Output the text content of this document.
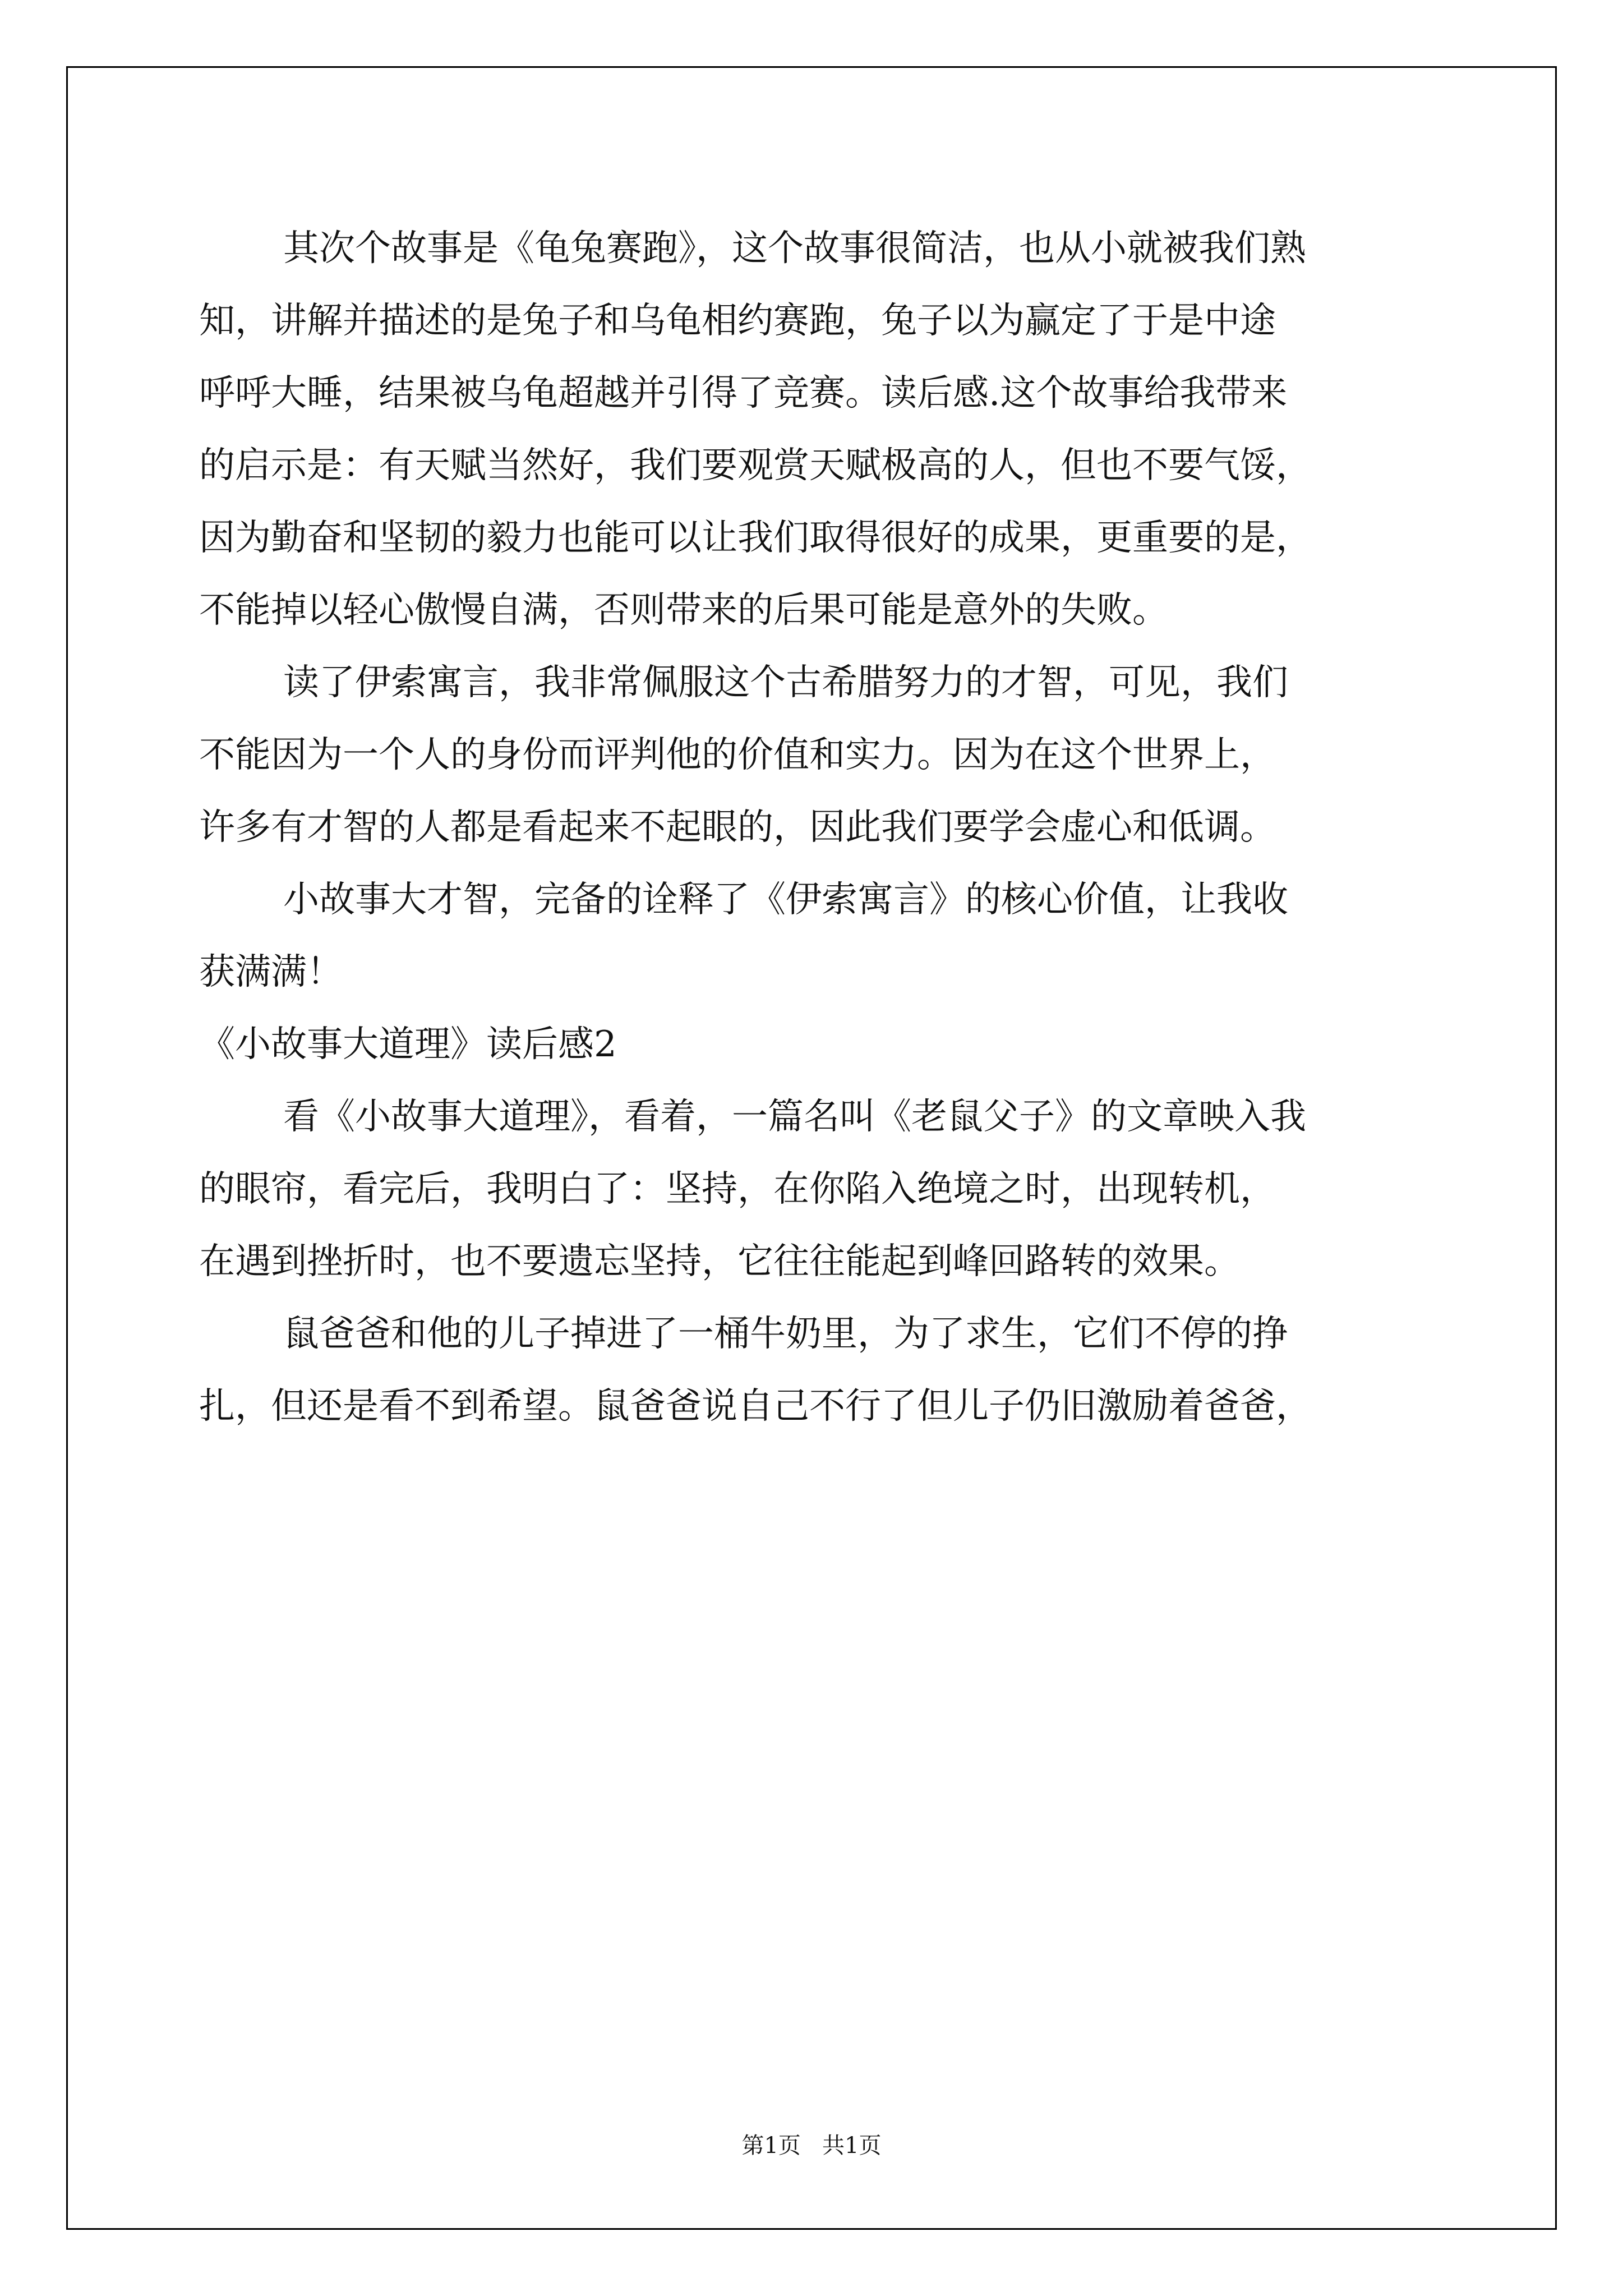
其次个故事是《龟兔赛跑》，这个故事很简洁，也从小就被我们熟
知，讲解并描述的是兔子和乌龟相约赛跑，兔子以为赢定了于是中途
呼呼大睡，结果被乌龟超越并引得了竞赛。读后感.这个故事给我带来
的启示是：有天赋当然好，我们要观赏天赋极高的人，但也不要气馁，
因为勤奋和坚韧的毅力也能可以让我们取得很好的成果，更重要的是，
不能掉以轻心傲慢自满，否则带来的后果可能是意外的失败。
读了伊索寓言，我非常佩服这个古希腊努力的才智，可见，我们
不能因为一个人的身份而评判他的价值和实力。因为在这个世界上，
许多有才智的人都是看起来不起眼的，因此我们要学会虚心和低调。
小故事大才智，完备的诠释了《伊索寓言》的核心价值，让我收
获满满！
《小故事大道理》读后感2
看《小故事大道理》，看着，一篇名叫《老鼠父子》的文章映入我
的眼帘，看完后，我明白了：坚持，在你陷入绝境之时，出现转机，
在遇到挫折时，也不要遗忘坚持，它往往能起到峰回路转的效果。
鼠爸爸和他的儿子掉进了一桶牛奶里，为了求生，它们不停的挣
扎，但还是看不到希望。鼠爸爸说自己不行了但儿子仍旧激励着爸爸，
第1页   共1页
